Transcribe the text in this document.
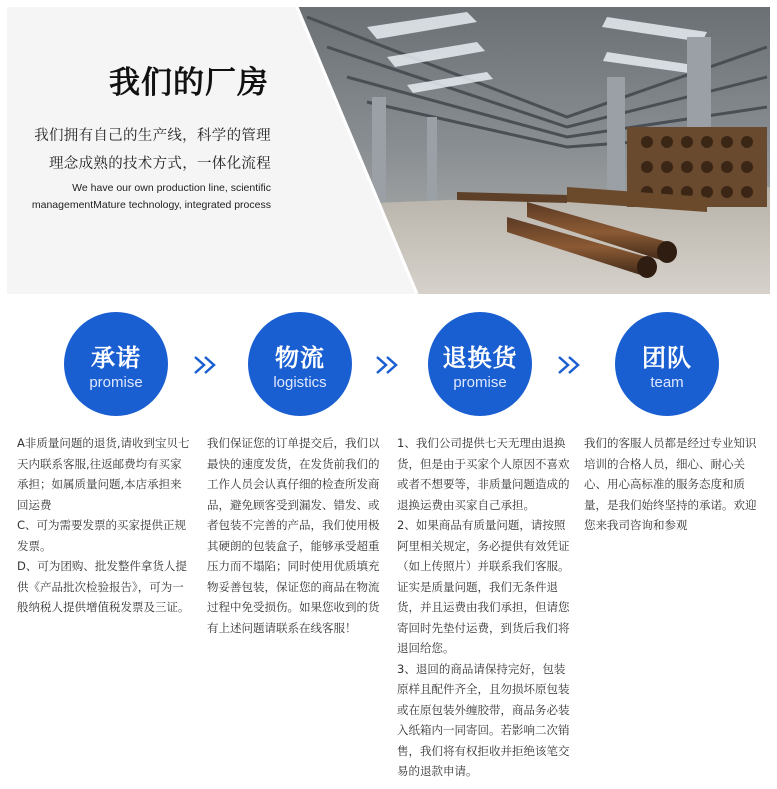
我们的厂房
我们拥有自己的生产线，科学的管理
理念成熟的技术方式，一体化流程
We have our own production line, scientific
managementMature technology, integrated process
承诺
promise
物流
logistics
退换货
promise
团队
team

A非质量问题的退货,请收到宝贝七天内联系客服,往返邮费均有买家承担；如属质量问题,本店承担来回运费

C、可为需要发票的买家提供正规发票。

D、可为团购、批发整件拿货人提供《产品批次检验报告》，可为一般纳税人提供增值税发票及三证。

我们保证您的订单提交后，我们以最快的速度发货，在发货前我们的工作人员会认真仔细的检查所发商品，避免顾客受到漏发、错发、或者包装不完善的产品，我们使用极其硬朗的包装盒子，能够承受超重压力而不塌陷；同时使用优质填充物妥善包装，保证您的商品在物流过程中免受损伤。如果您收到的货有上述问题请联系在线客服！

1、我们公司提供七天无理由退换货，但是由于买家个人原因不喜欢或者不想要等，非质量问题造成的退换运费由买家自己承担。

2、如果商品有质量问题，请按照阿里相关规定，务必提供有效凭证（如上传照片）并联系我们客服。证实是质量问题，我们无条件退货，并且运费由我们承担，但请您寄回时先垫付运费，到货后我们将退回给您。

3、退回的商品请保持完好，包装原样且配件齐全，且勿损坏原包装或在原包装外缠胶带，商品务必装入纸箱内一同寄回。若影响二次销售，我们将有权拒收并拒绝该笔交易的退款申请。

我们的客服人员都是经过专业知识培训的合格人员，细心、耐心关心、用心高标准的服务态度和质量，是我们始终坚持的承诺。欢迎您来我司咨询和参观
